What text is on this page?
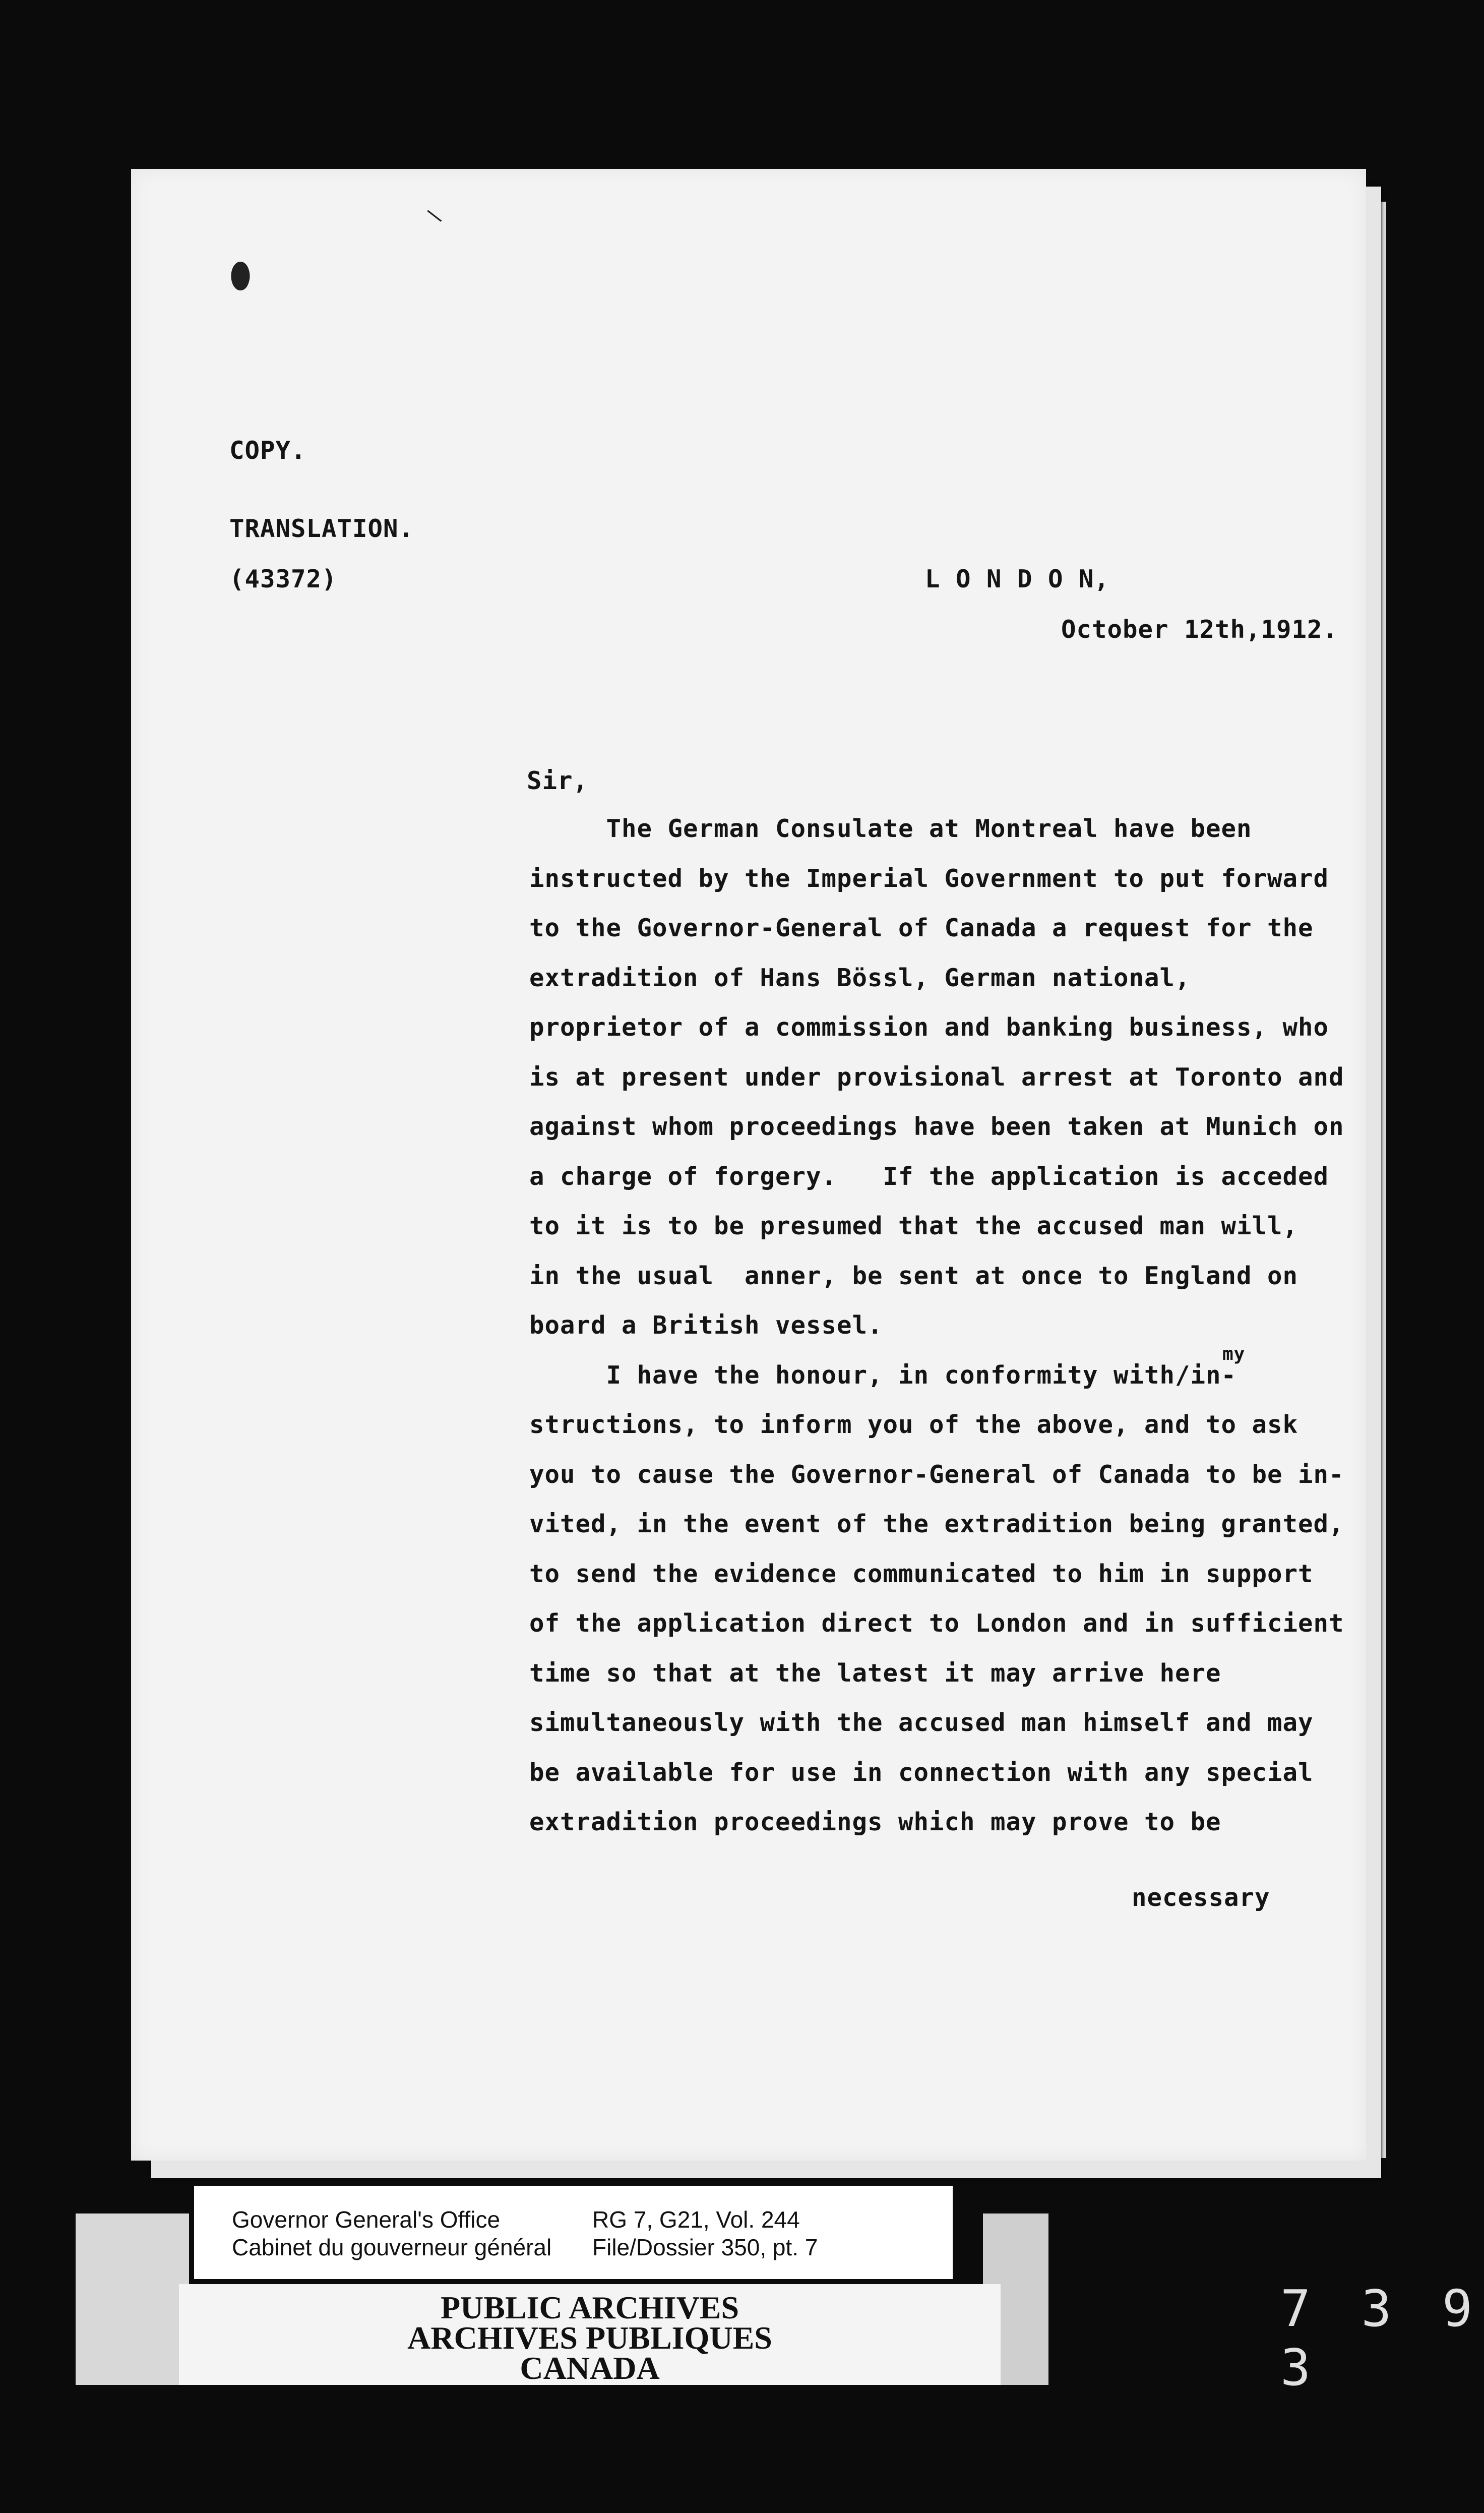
⬮
\
COPY.
TRANSLATION.
(43372)	L O N D O N,
October 12th,1912.
Sir,
The German Consulate at Montreal have been
instructed by the Imperial Government to put forward
to the Governor-General of Canada a request for the
extradition of Hans Bössl, German national,
proprietor of a commission and banking business, who
is at present under provisional arrest at Toronto and
against whom proceedings have been taken at Munich on
a charge of forgery.   If the application is acceded
to it is to be presumed that the accused man will,
in the usual  anner, be sent at once to England on
board a British vessel.
I have the honour, in conformity with/in-
structions, to inform you of the above, and to ask
you to cause the Governor-General of Canada to be in-
vited, in the event of the extradition being granted,
to send the evidence communicated to him in support
of the application direct to London and in sufficient
time so that at the latest it may arrive here
simultaneously with the accused man himself and may
be available for use in connection with any special
extradition proceedings which may prove to be
my
necessary
Governor General's Office
Cabinet du gouverneur général
RG 7, G21, Vol. 244
File/Dossier 350, pt. 7
PUBLIC ARCHIVES
ARCHIVES PUBLIQUES
CANADA
7 3 9 3
